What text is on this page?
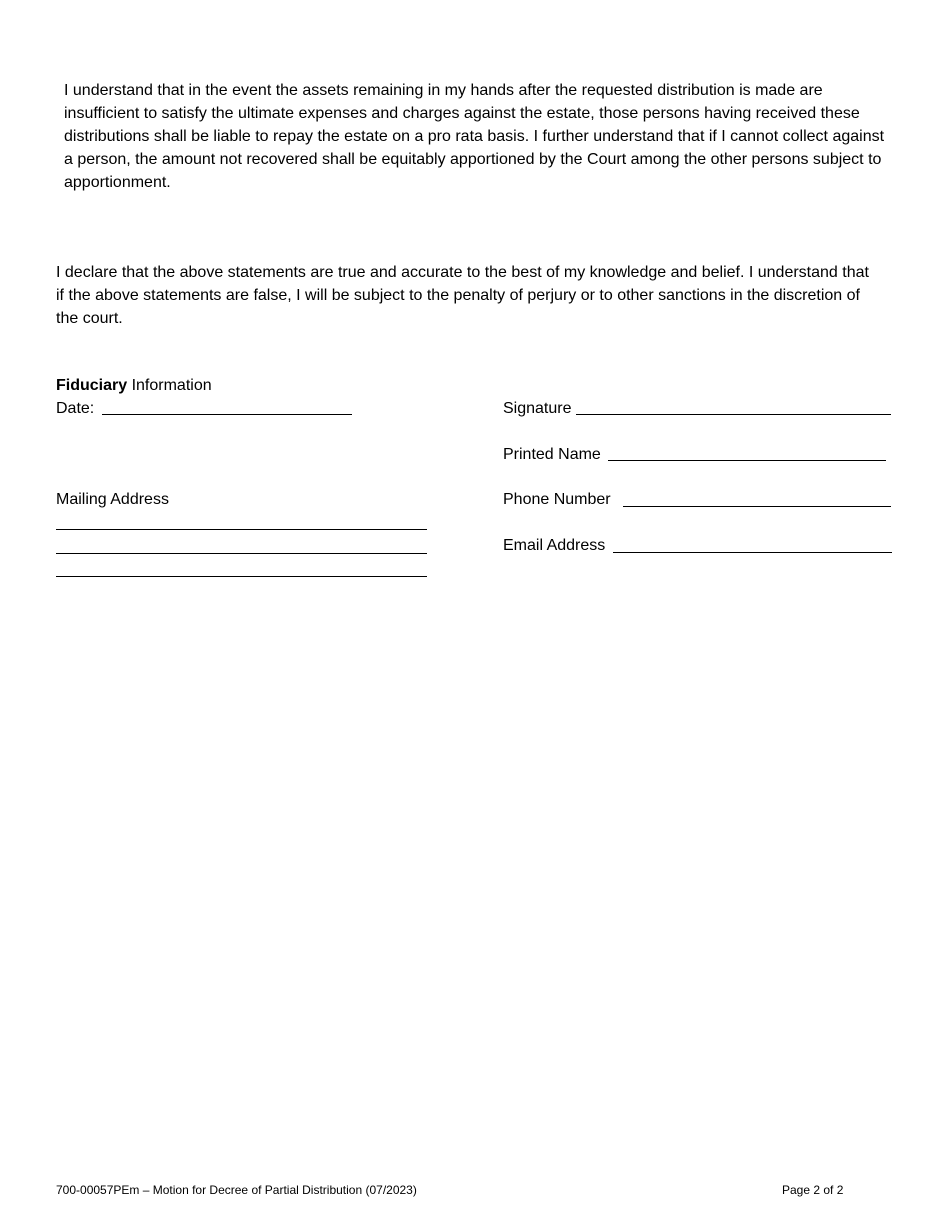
I understand that in the event the assets remaining in my hands after the requested distribution is made are insufficient to satisfy the ultimate expenses and charges against the estate, those persons having received these distributions shall be liable to repay the estate on a pro rata basis. I further understand that if I cannot collect against a person, the amount not recovered shall be equitably apportioned by the Court among the other persons subject to apportionment.

I declare that the above statements are true and accurate to the best of my knowledge and belief. I understand that if the above statements are false, I will be subject to the penalty of perjury or to other sanctions in the discretion of the court.

Fiduciary Information
Date:
Mailing Address
Signature
Printed Name
Phone Number
Email Address
700-00057PEm – Motion for Decree of Partial Distribution (07/2023)	Page 2 of 2
